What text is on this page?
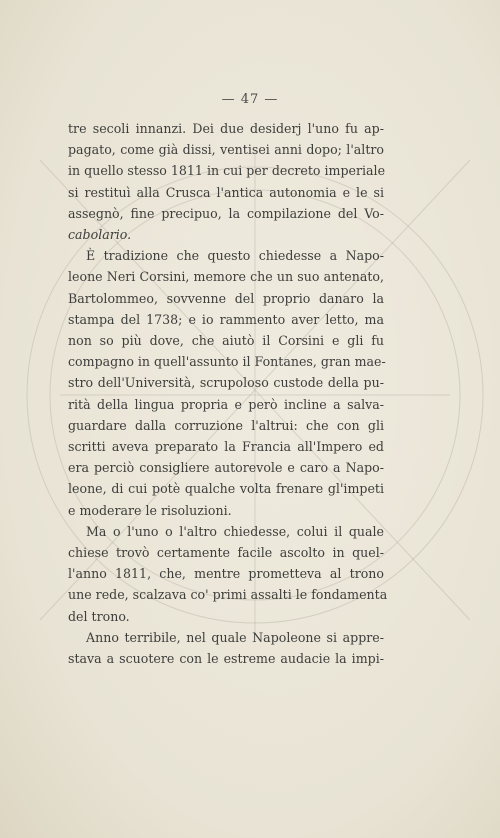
— 47 —
tre secoli innanzi. Dei due desiderj l'uno fu ap-
pagato, come già dissi, ventisei anni dopo; l'altro
in quello stesso 1811 in cui per decreto imperiale
si restituì alla Crusca l'antica autonomia e le si
assegnò, fine precipuo, la compilazione del Vo-
cabolario.
È tradizione che questo chiedesse a Napo-
leone Neri Corsini, memore che un suo antenato,
Bartolommeo, sovvenne del proprio danaro la
stampa del 1738; e io rammento aver letto, ma
non so più dove, che aiutò il Corsini e gli fu
compagno in quell'assunto il Fontanes, gran mae-
stro dell'Università, scrupoloso custode della pu-
rità della lingua propria e però incline a salva-
guardare dalla corruzione l'altrui: che con gli
scritti aveva preparato la Francia all'Impero ed
era perciò consigliere autorevole e caro a Napo-
leone, di cui potè qualche volta frenare gl'impeti
e moderare le risoluzioni.
Ma o l'uno o l'altro chiedesse, colui il quale
chiese trovò certamente facile ascolto in quel-
l'anno 1811, che, mentre prometteva al trono
une rede, scalzava co' primi assalti le fondamenta
del trono.
Anno terribile, nel quale Napoleone si appre-
stava a scuotere con le estreme audacie la impi-
